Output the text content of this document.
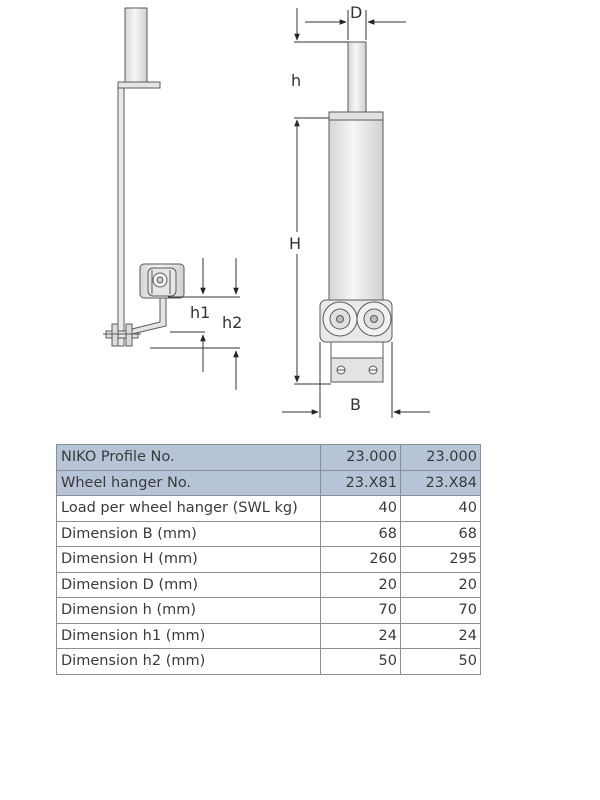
h1
h2
D
h
H
B
NIKO Profile No.	23.000	23.000
Wheel hanger No.	23.X81	23.X84
Load per wheel hanger (SWL kg)	40	40
Dimension B (mm)	68	68
Dimension H (mm)	260	295
Dimension D (mm)	20	20
Dimension h (mm)	70	70
Dimension h1 (mm)	24	24
Dimension h2 (mm)	50	50
